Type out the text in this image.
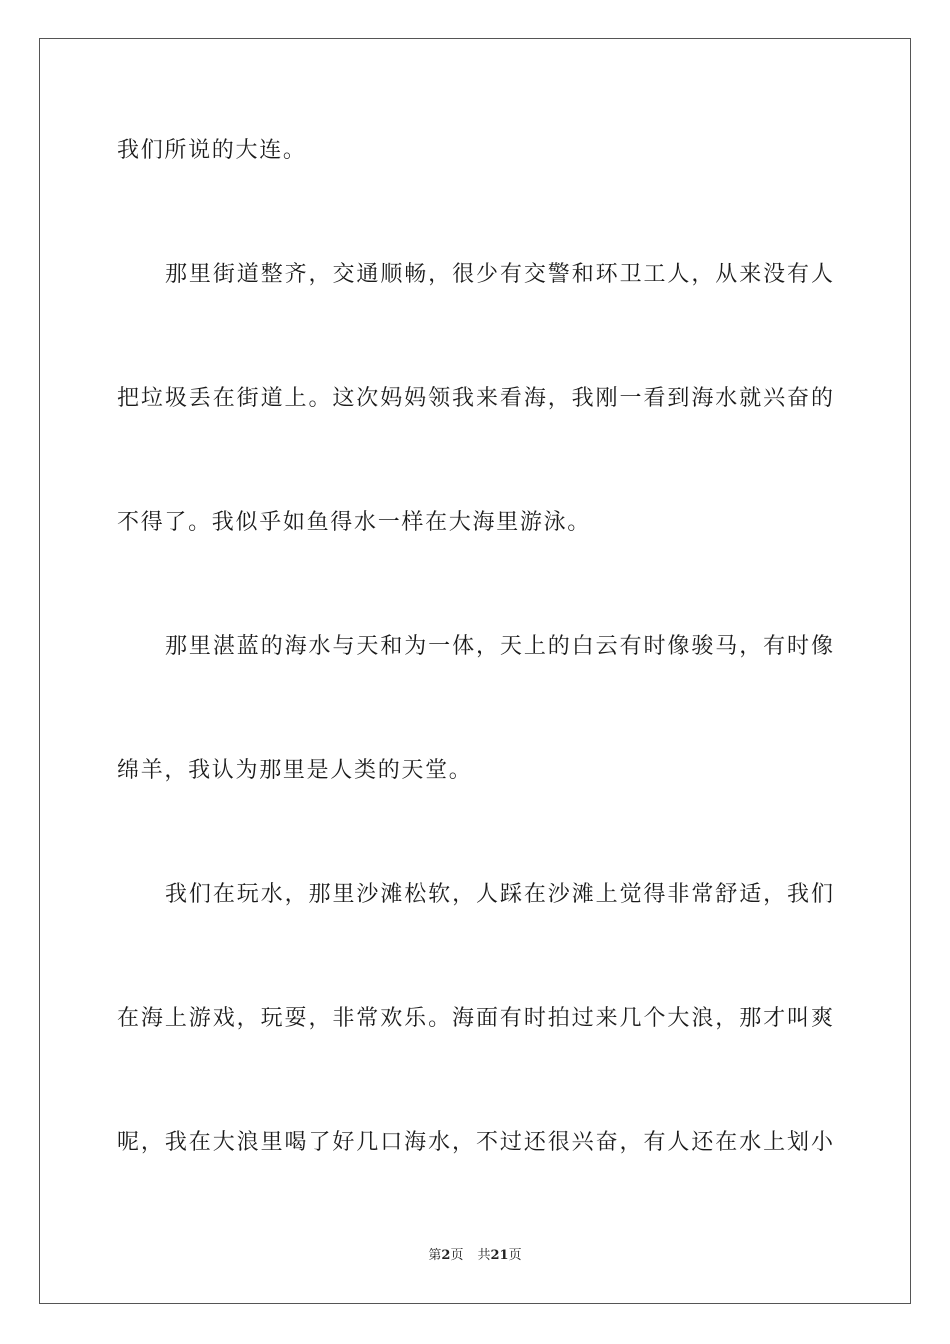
我们所说的大连。
那里街道整齐，交通顺畅，很少有交警和环卫工人，从来没有人
把垃圾丢在街道上。这次妈妈领我来看海，我刚一看到海水就兴奋的
不得了。我似乎如鱼得水一样在大海里游泳。
那里湛蓝的海水与天和为一体，天上的白云有时像骏马，有时像
绵羊，我认为那里是人类的天堂。
我们在玩水，那里沙滩松软，人踩在沙滩上觉得非常舒适，我们
在海上游戏，玩耍，非常欢乐。海面有时拍过来几个大浪，那才叫爽
呢，我在大浪里喝了好几口海水，不过还很兴奋，有人还在水上划小
第2页 共21页
